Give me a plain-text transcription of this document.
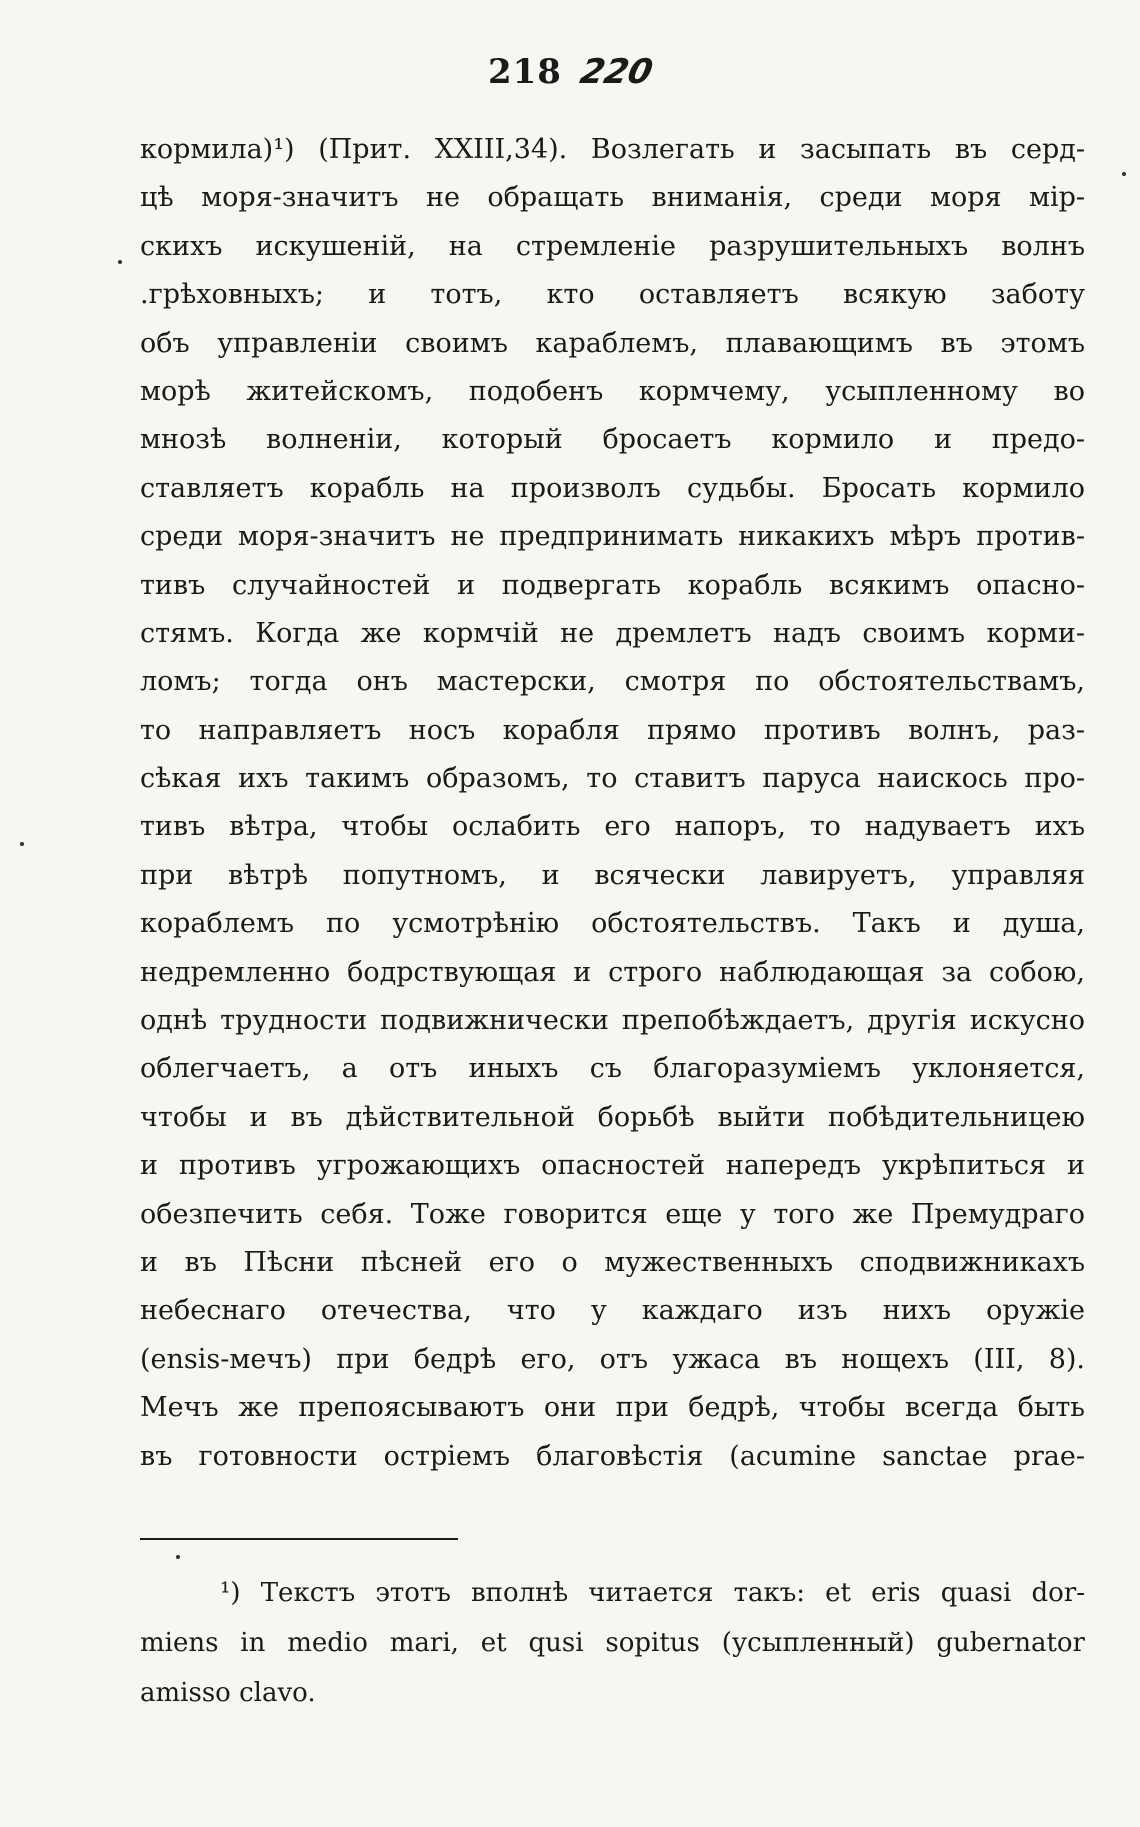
218 220
кормила)¹) (Прит. XXIII,34). Возлегать и засыпать въ серд-
цѣ моря-значитъ не обращать вниманія, среди моря мір-
скихъ искушеній, на стремленіе разрушительныхъ волнъ
.грѣховныхъ; и тотъ, кто оставляетъ всякую заботу
объ управленіи своимъ караблемъ, плавающимъ въ этомъ
морѣ житейскомъ, подобенъ кормчему, усыпленному во
мнозѣ волненіи, который бросаетъ кормило и предо-
ставляетъ корабль на произволъ судьбы. Бросать кормило
среди моря-значитъ не предпринимать никакихъ мѣръ против-
тивъ случайностей и подвергать корабль всякимъ опасно-
стямъ. Когда же кормчій не дремлетъ надъ своимъ корми-
ломъ; тогда онъ мастерски, смотря по обстоятельствамъ,
то направляетъ носъ корабля прямо противъ волнъ, раз-
сѣкая ихъ такимъ образомъ, то ставитъ паруса наискось про-
тивъ вѣтра, чтобы ослабить его напоръ, то надуваетъ ихъ
при вѣтрѣ попутномъ, и всячески лавируетъ, управляя
кораблемъ по усмотрѣнію обстоятельствъ. Такъ и душа,
недремленно бодрствующая и строго наблюдающая за собою,
однѣ трудности подвижнически препобѣждаетъ, другія искусно
облегчаетъ, а отъ иныхъ съ благоразуміемъ уклоняется,
чтобы и въ дѣйствительной борьбѣ выйти побѣдительницею
и противъ угрожающихъ опасностей напередъ укрѣпиться и
обезпечить себя. Тоже говорится еще у того же Премудраго
и въ Пѣсни пѣсней его о мужественныхъ сподвижникахъ
небеснаго отечества, что у каждаго изъ нихъ оружіе
(ensis-мечъ) при бедрѣ его, отъ ужаса въ нощехъ (III, 8).
Мечъ же препоясываютъ они при бедрѣ, чтобы всегда быть
въ готовности остріемъ благовѣстія (acumine sanctae prae-
¹) Текстъ этотъ вполнѣ читается такъ: et eris quasi dor-
miens in medio mari, et qusi sopitus (усыпленный) gubernator
amisso clavo.
